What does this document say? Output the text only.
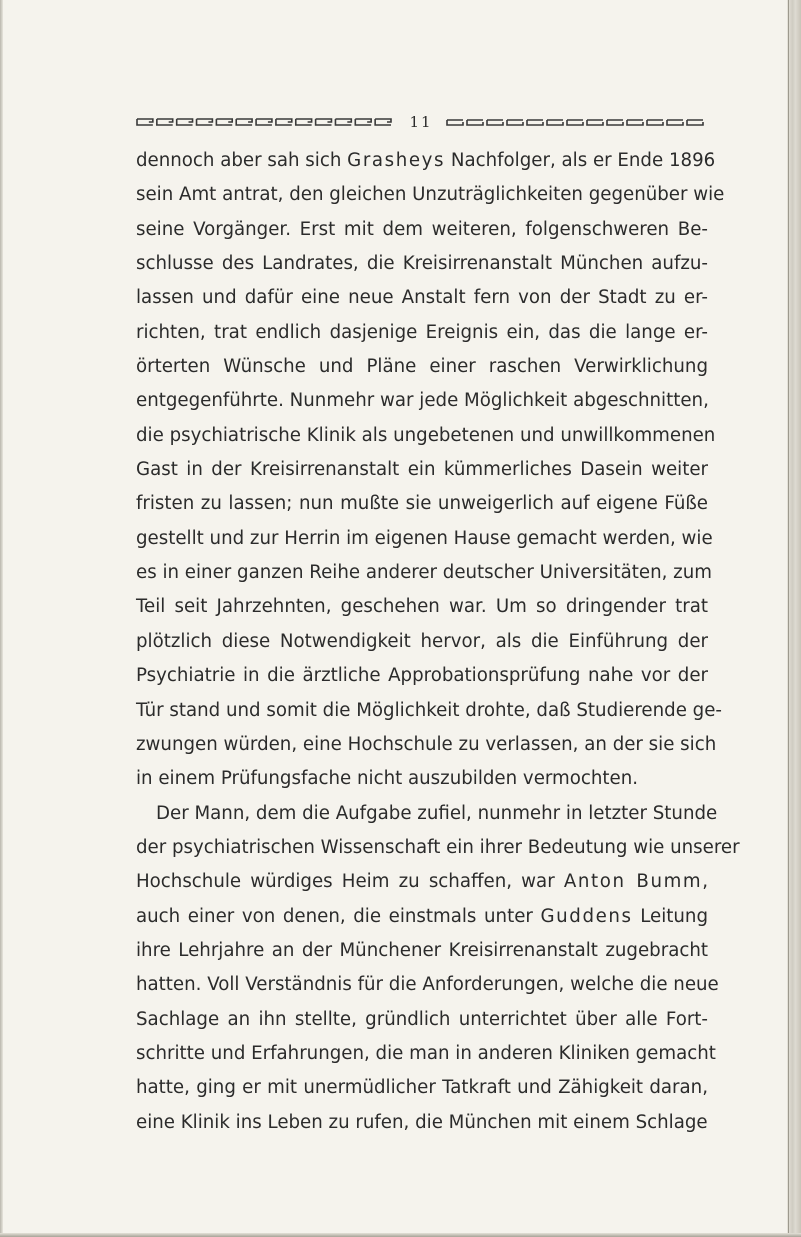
11
dennoch aber sah sich Grasheys Nachfolger, als er Ende 1896
sein Amt antrat, den gleichen Unzuträglichkeiten gegenüber wie
seine Vorgänger. Erst mit dem weiteren, folgenschweren Be-
schlusse des Landrates, die Kreisirrenanstalt München aufzu-
lassen und dafür eine neue Anstalt fern von der Stadt zu er-
richten, trat endlich dasjenige Ereignis ein, das die lange er-
örterten Wünsche und Pläne einer raschen Verwirklichung
entgegenführte. Nunmehr war jede Möglichkeit abgeschnitten,
die psychiatrische Klinik als ungebetenen und unwillkommenen
Gast in der Kreisirrenanstalt ein kümmerliches Dasein weiter
fristen zu lassen; nun mußte sie unweigerlich auf eigene Füße
gestellt und zur Herrin im eigenen Hause gemacht werden, wie
es in einer ganzen Reihe anderer deutscher Universitäten, zum
Teil seit Jahrzehnten, geschehen war. Um so dringender trat
plötzlich diese Notwendigkeit hervor, als die Einführung der
Psychiatrie in die ärztliche Approbationsprüfung nahe vor der
Tür stand und somit die Möglichkeit drohte, daß Studierende ge-
zwungen würden, eine Hochschule zu verlassen, an der sie sich
in einem Prüfungsfache nicht auszubilden vermochten.
Der Mann, dem die Aufgabe zufiel, nunmehr in letzter Stunde
der psychiatrischen Wissenschaft ein ihrer Bedeutung wie unserer
Hochschule würdiges Heim zu schaffen, war Anton Bumm,
auch einer von denen, die einstmals unter Guddens Leitung
ihre Lehrjahre an der Münchener Kreisirrenanstalt zugebracht
hatten. Voll Verständnis für die Anforderungen, welche die neue
Sachlage an ihn stellte, gründlich unterrichtet über alle Fort-
schritte und Erfahrungen, die man in anderen Kliniken gemacht
hatte, ging er mit unermüdlicher Tatkraft und Zähigkeit daran,
eine Klinik ins Leben zu rufen, die München mit einem Schlage
